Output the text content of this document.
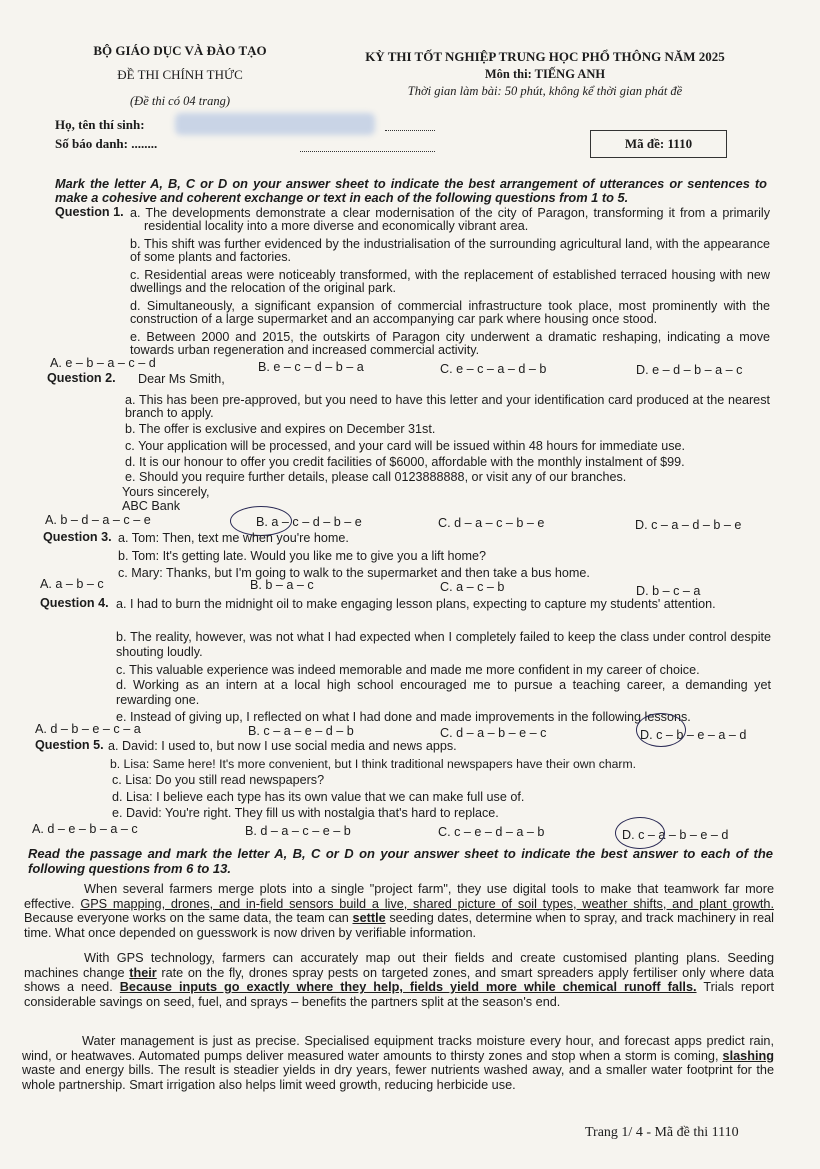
BỘ GIÁO DỤC VÀ ĐÀO TẠO
ĐỀ THI CHÍNH THỨC
(Đề thi có 04 trang)
KỲ THI TỐT NGHIỆP TRUNG HỌC PHỔ THÔNG NĂM 2025
Môn thi: TIẾNG ANH
Thời gian làm bài: 50 phút, không kể thời gian phát đề
Họ, tên thí sinh:
Số báo danh: ........	Mã đề: 1110
Mark the letter A, B, C or D on your answer sheet to indicate the best arrangement of utterances or sentences to make a cohesive and coherent exchange or text in each of the following questions from 1 to 5.
Question 1. a. The developments demonstrate a clear modernisation of the city of Paragon, transforming it from a primarily residential locality into a more diverse and economically vibrant area.
b. This shift was further evidenced by the industrialisation of the surrounding agricultural land, with the appearance of some plants and factories.
c. Residential areas were noticeably transformed, with the replacement of established terraced housing with new dwellings and the relocation of the original park.
d. Simultaneously, a significant expansion of commercial infrastructure took place, most prominently with the construction of a large supermarket and an accompanying car park where housing once stood.
e. Between 2000 and 2015, the outskirts of Paragon city underwent a dramatic reshaping, indicating a move towards urban regeneration and increased commercial activity.
A. e – b – a – c – d	B. e – c – d – b – a	C. e – c – a – d – b	D. e – d – b – a – c
Question 2. Dear Ms Smith,
a. This has been pre-approved, but you need to have this letter and your identification card produced at the nearest branch to apply.
b. The offer is exclusive and expires on December 31st.
c. Your application will be processed, and your card will be issued within 48 hours for immediate use.
d. It is our honour to offer you credit facilities of $6000, affordable with the monthly instalment of $99.
e. Should you require further details, please call 0123888888, or visit any of our branches.
Yours sincerely,
ABC Bank
A. b – d – a – c – e	B. a – c – d – b – e	C. d – a – c – b – e	D. c – a – d – b – e
Question 3. a. Tom: Then, text me when you're home.
b. Tom: It's getting late. Would you like me to give you a lift home?
c. Mary: Thanks, but I'm going to walk to the supermarket and then take a bus home.
A. a – b – c	B. b – a – c	C. a – c – b	D. b – c – a
Question 4. a. I had to burn the midnight oil to make engaging lesson plans, expecting to capture my students' attention.
b. The reality, however, was not what I had expected when I completely failed to keep the class under control despite shouting loudly.
c. This valuable experience was indeed memorable and made me more confident in my career of choice.
d. Working as an intern at a local high school encouraged me to pursue a teaching career, a demanding yet rewarding one.
e. Instead of giving up, I reflected on what I had done and made improvements in the following lessons.
A. d – b – e – c – a	B. c – a – e – d – b	C. d – a – b – e – c	D. c – b – e – a – d
Question 5. a. David: I used to, but now I use social media and news apps.
b. Lisa: Same here! It's more convenient, but I think traditional newspapers have their own charm.
c. Lisa: Do you still read newspapers?
d. Lisa: I believe each type has its own value that we can make full use of.
e. David: You're right. They fill us with nostalgia that's hard to replace.
A. d – e – b – a – c	B. d – a – c – e – b	C. c – e – d – a – b	D. c – a – b – e – d
Read the passage and mark the letter A, B, C or D on your answer sheet to indicate the best answer to each of the following questions from 6 to 13.
When several farmers merge plots into a single "project farm", they use digital tools to make that teamwork far more effective. GPS mapping, drones, and in-field sensors build a live, shared picture of soil types, weather shifts, and plant growth. Because everyone works on the same data, the team can settle seeding dates, determine when to spray, and track machinery in real time. What once depended on guesswork is now driven by verifiable information.
With GPS technology, farmers can accurately map out their fields and create customised planting plans. Seeding machines change their rate on the fly, drones spray pests on targeted zones, and smart spreaders apply fertiliser only where data shows a need. Because inputs go exactly where they help, fields yield more while chemical runoff falls. Trials report considerable savings on seed, fuel, and sprays – benefits the partners split at the season's end.
Water management is just as precise. Specialised equipment tracks moisture every hour, and forecast apps predict rain, wind, or heatwaves. Automated pumps deliver measured water amounts to thirsty zones and stop when a storm is coming, slashing waste and energy bills. The result is steadier yields in dry years, fewer nutrients washed away, and a smaller water footprint for the whole partnership. Smart irrigation also helps limit weed growth, reducing herbicide use.
Trang 1/ 4 - Mã đề thi 1110
